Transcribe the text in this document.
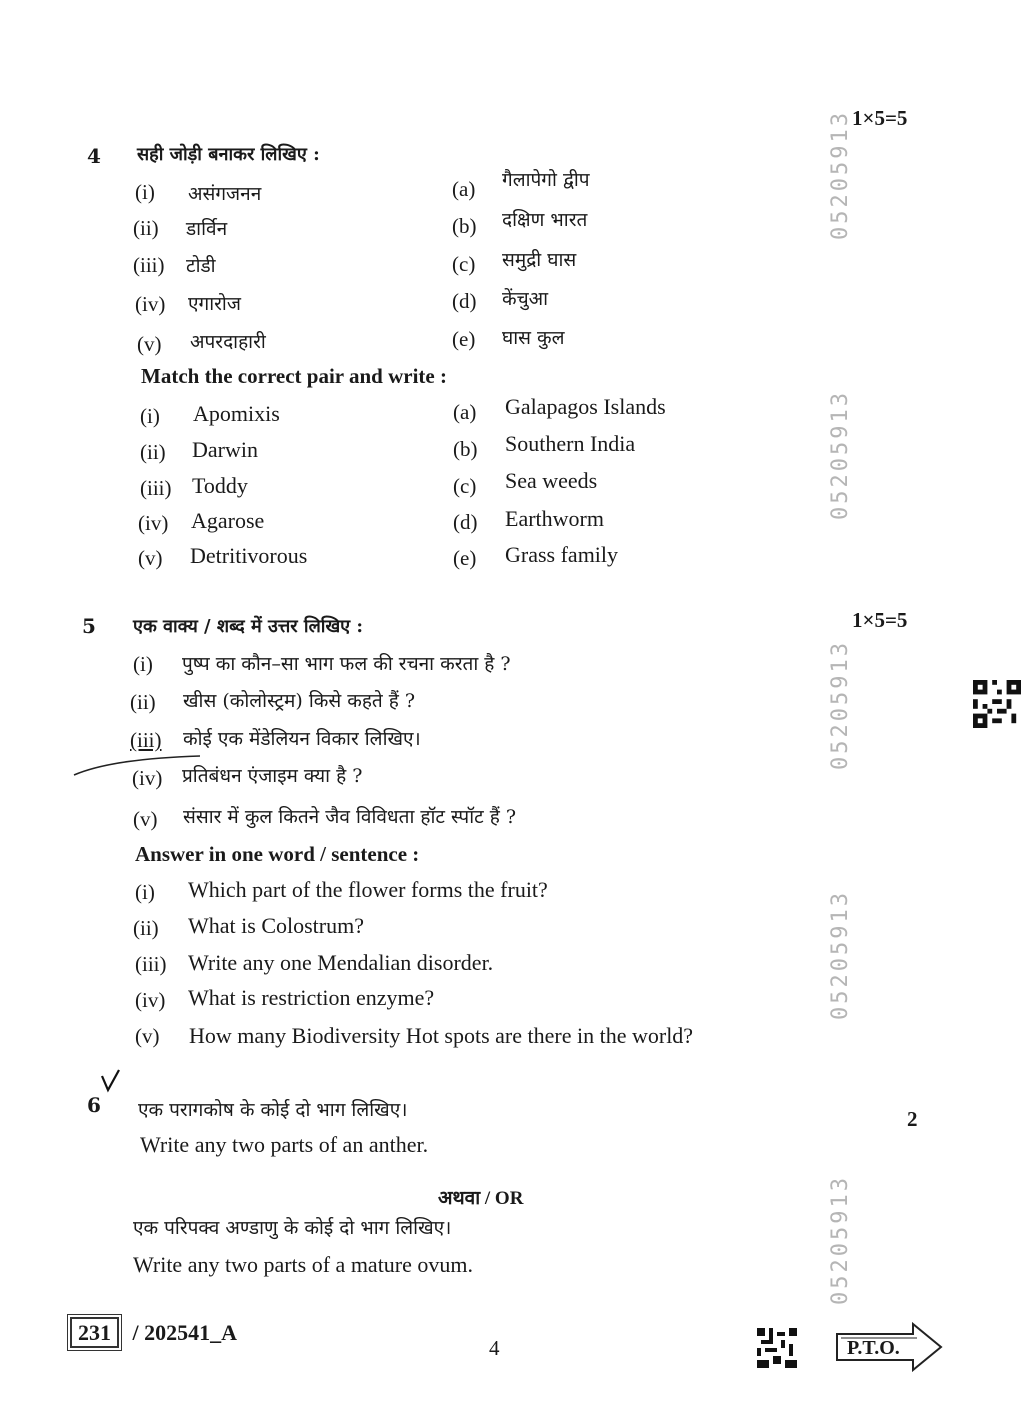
05205913
05205913
05205913
05205913
05205913
1×5=5
4 सही जोड़ी बनाकर लिखिए :
(i) असंगजनन
(ii) डार्विन
(iii) टोडी
(iv) एगारोज
(v) अपरदाहारी
(a) गैलापेगो द्वीप
(b) दक्षिण भारत
(c) समुद्री घास
(d) केंचुआ
(e) घास कुल
Match the correct pair and write :
(i) Apomixis
(ii) Darwin
(iii) Toddy
(iv) Agarose
(v) Detritivorous
(a) Galapagos Islands
(b) Southern India
(c) Sea weeds
(d) Earthworm
(e) Grass family
5 एक वाक्य / शब्द में उत्तर लिखिए :	1×5=5
(i) पुष्प का कौन–सा भाग फल की रचना करता है ?
(ii) खीस (कोलोस्ट्रम) किसे कहते हैं ?
(iii) कोई एक मेंडेलियन विकार लिखिए।
(iv) प्रतिबंधन एंजाइम क्या है ?
(v) संसार में कुल कितने जैव विविधता हॉट स्पॉट हैं ?
Answer in one word / sentence :
(i) Which part of the flower forms the fruit?
(ii) What is Colostrum?
(iii) Write any one Mendalian disorder.
(iv) What is restriction enzyme?
(v) How many Biodiversity Hot spots are there in the world?
6
2
एक परागकोष के कोई दो भाग लिखिए।
Write any two parts of an anther.
अथवा / OR
एक परिपक्व अण्डाणु के कोई दो भाग लिखिए।
Write any two parts of a mature ovum.
231 / 202541_A
4	P.T.O.
